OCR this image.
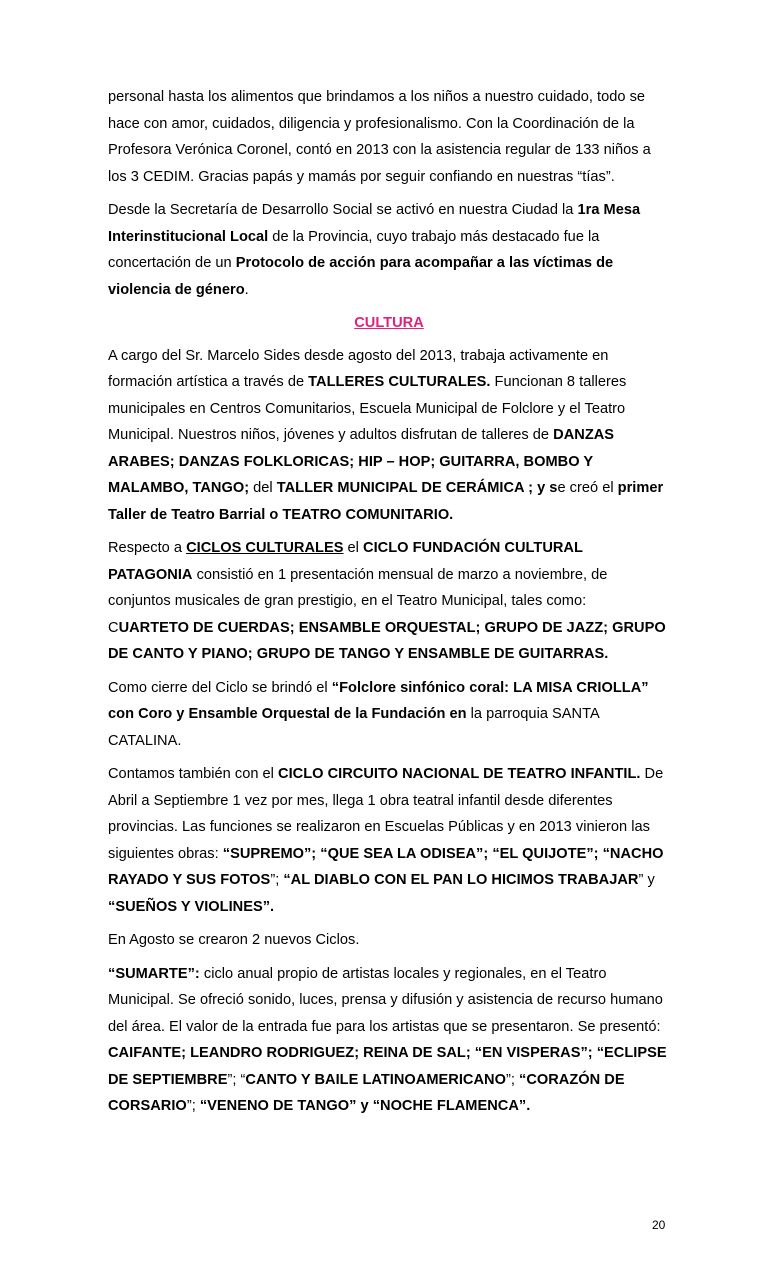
personal hasta los alimentos que brindamos a los niños a nuestro cuidado, todo se hace con amor, cuidados, diligencia y profesionalismo. Con la Coordinación de la Profesora Verónica Coronel, contó en 2013 con la asistencia regular de 133 niños a los 3 CEDIM. Gracias papás y mamás por seguir confiando en nuestras “tías”.

Desde la Secretaría de Desarrollo Social se activó en nuestra Ciudad la 1ra Mesa Interinstitucional Local de la Provincia, cuyo trabajo más destacado fue la concertación de un Protocolo de acción para acompañar a las víctimas de violencia de género.

CULTURA

A cargo del Sr. Marcelo Sides desde agosto del 2013, trabaja activamente en formación artística a través de TALLERES CULTURALES. Funcionan 8 talleres municipales en Centros Comunitarios, Escuela Municipal de Folclore y el Teatro Municipal. Nuestros niños, jóvenes y adultos disfrutan de talleres de DANZAS ARABES; DANZAS FOLKLORICAS; HIP – HOP; GUITARRA, BOMBO Y MALAMBO, TANGO; del TALLER MUNICIPAL DE CERÁMICA ; y se creó el primer Taller de Teatro Barrial o TEATRO COMUNITARIO.

Respecto a CICLOS CULTURALES el CICLO FUNDACIÓN CULTURAL PATAGONIA consistió en 1 presentación mensual de marzo a noviembre, de conjuntos musicales de gran prestigio, en el Teatro Municipal, tales como: CUARTETO DE CUERDAS; ENSAMBLE ORQUESTAL; GRUPO DE JAZZ; GRUPO DE CANTO Y PIANO; GRUPO DE TANGO Y ENSAMBLE DE GUITARRAS.

Como cierre del Ciclo se brindó el “Folclore sinfónico coral: LA MISA CRIOLLA” con Coro y Ensamble Orquestal de la Fundación en la parroquia SANTA CATALINA.

Contamos también con el CICLO CIRCUITO NACIONAL DE TEATRO INFANTIL. De Abril a Septiembre 1 vez por mes, llega 1 obra teatral infantil desde diferentes provincias. Las funciones se realizaron en Escuelas Públicas y en 2013 vinieron las siguientes obras: “SUPREMO”; “QUE SEA LA ODISEA”; “EL QUIJOTE”; “NACHO RAYADO Y SUS FOTOS”; “AL DIABLO CON EL PAN LO HICIMOS TRABAJAR” y “SUEÑOS Y VIOLINES”.

En Agosto se crearon 2 nuevos Ciclos.

“SUMARTE”: ciclo anual propio de artistas locales y regionales, en el Teatro Municipal. Se ofreció sonido, luces, prensa y difusión y asistencia de recurso humano del área. El valor de la entrada fue para los artistas que se presentaron. Se presentó: CAIFANTE; LEANDRO RODRIGUEZ; REINA DE SAL; “EN VISPERAS”; “ECLIPSE DE SEPTIEMBRE”; “CANTO Y BAILE LATINOAMERICANO”; “CORAZÓN DE CORSARIO”; “VENENO DE TANGO” y “NOCHE FLAMENCA”.

20
